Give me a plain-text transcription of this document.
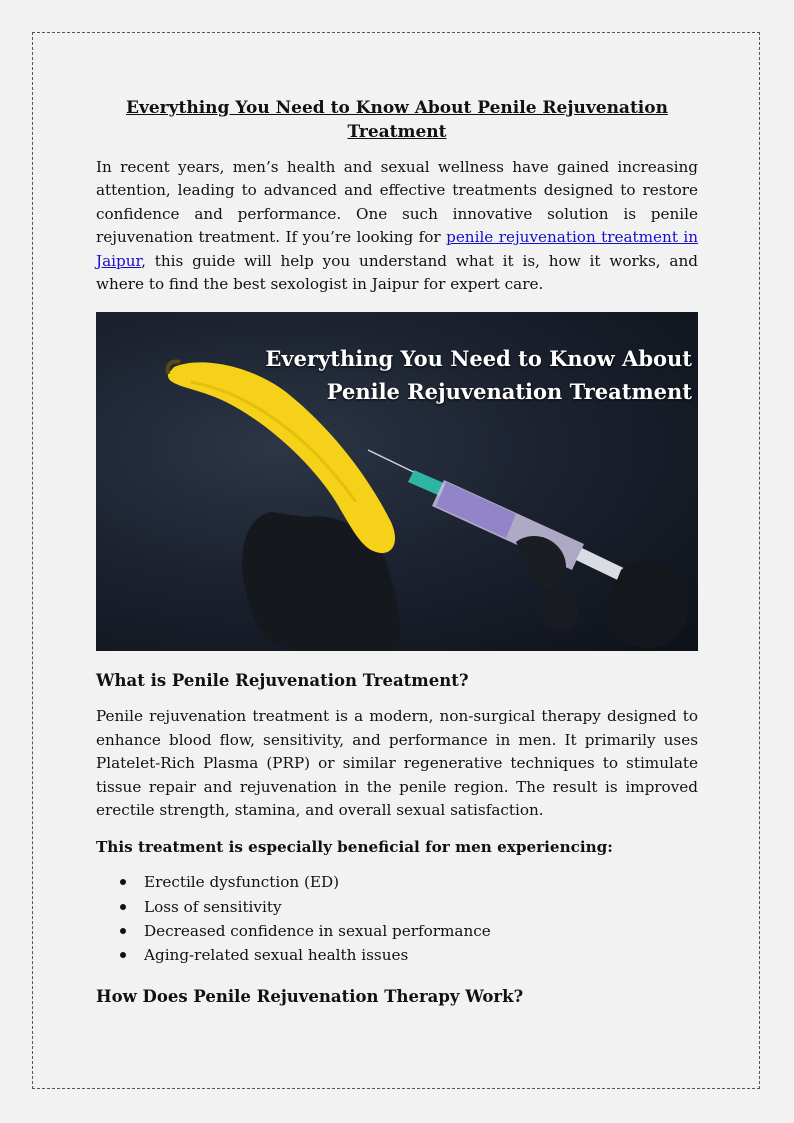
Everything You Need to Know About Penile Rejuvenation Treatment

In recent years, men’s health and sexual wellness have gained increasing attention, leading to advanced and effective treatments designed to restore confidence and performance. One such innovative solution is penile rejuvenation treatment. If you’re looking for penile rejuvenation treatment in Jaipur, this guide will help you understand what it is, how it works, and where to find the best sexologist in Jaipur for expert care.

Everything You Need to Know About
Penile Rejuvenation Treatment
What is Penile Rejuvenation Treatment?

Penile rejuvenation treatment is a modern, non-surgical therapy designed to enhance blood flow, sensitivity, and performance in men. It primarily uses Platelet-Rich Plasma (PRP) or similar regenerative techniques to stimulate tissue repair and rejuvenation in the penile region. The result is improved erectile strength, stamina, and overall sexual satisfaction.

This treatment is especially beneficial for men experiencing:

Erectile dysfunction (ED)
Loss of sensitivity
Decreased confidence in sexual performance
Aging-related sexual health issues
How Does Penile Rejuvenation Therapy Work?
